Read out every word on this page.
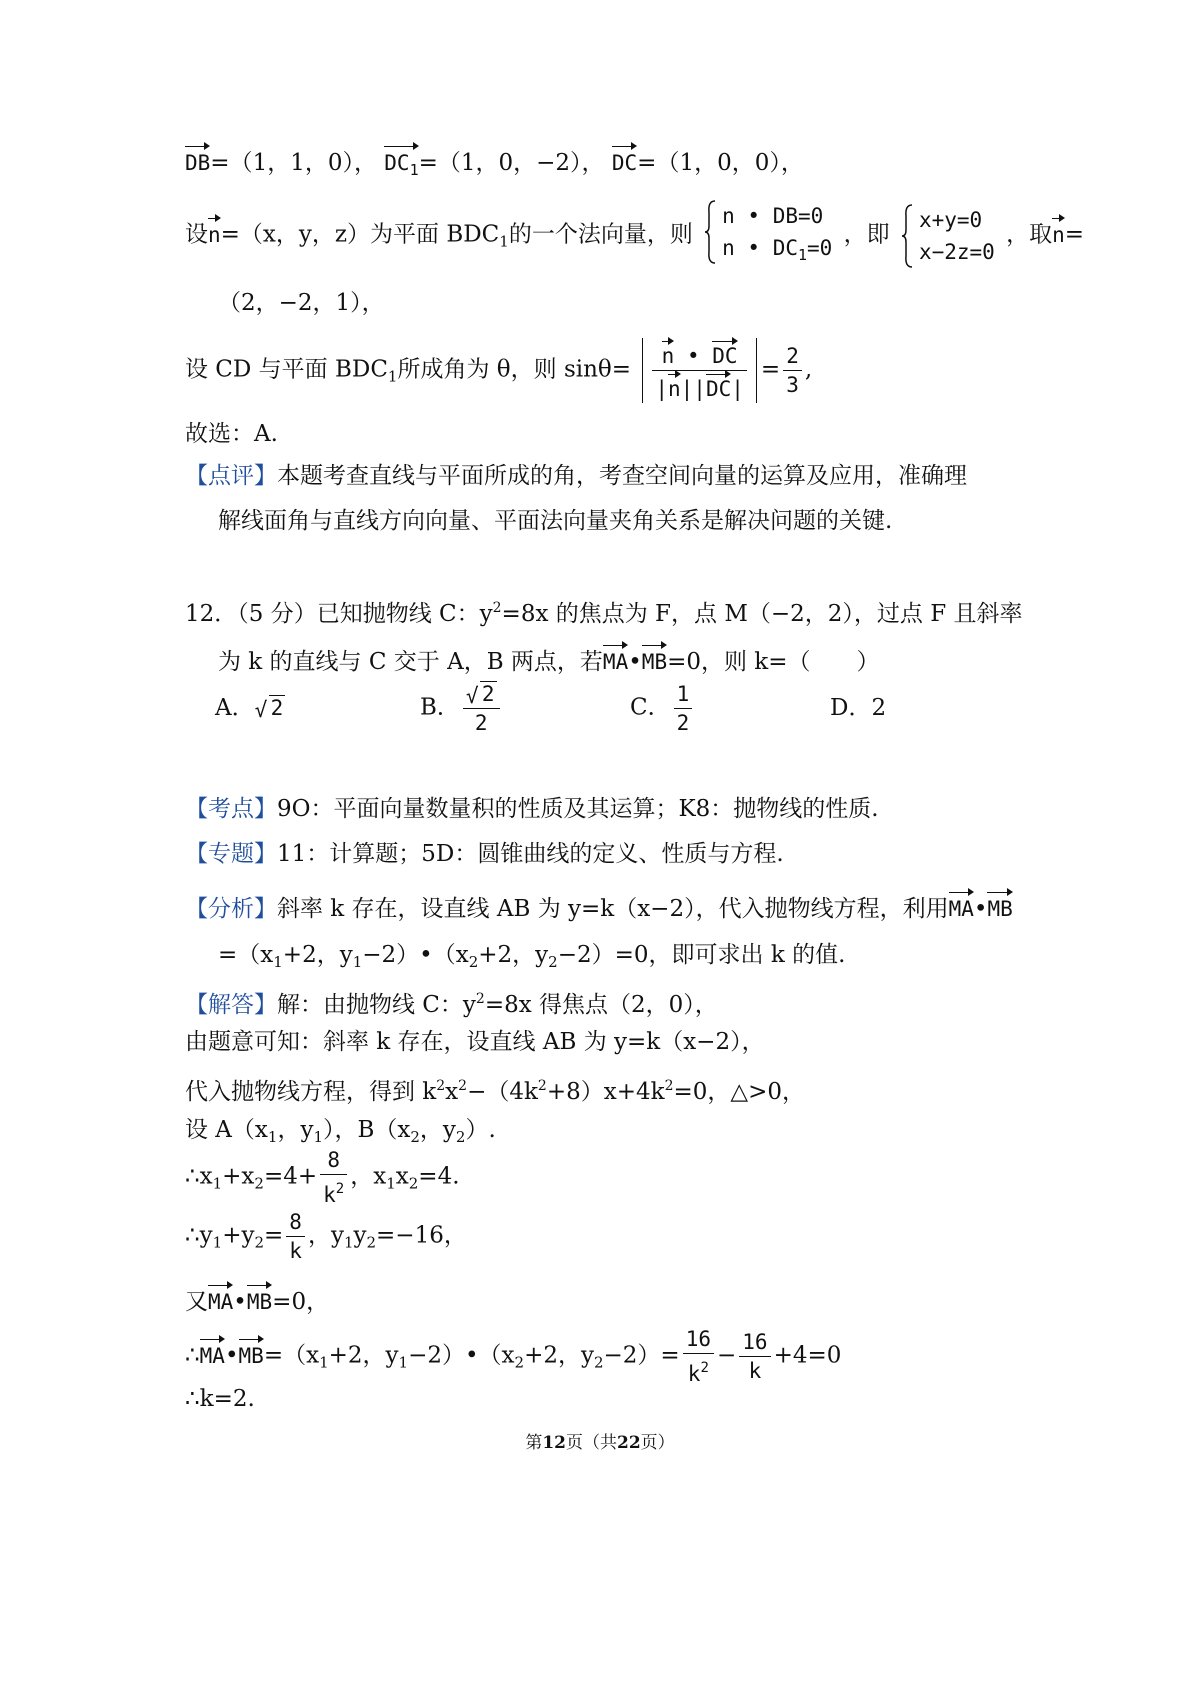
DB=（1，1，0）， $DC_1=(1$，0，−2）， DC=（1，0，0），
设n=（x，y，z）为平面 $BDC_1$的一个法向量，则
n • DB=0
n • $DC_1=0$
，即
x+y=0
x−2z=0
，取n=
（2，−2，1），
设 CD 与平面 $BDC_1$所成角为 θ，则 $\sin\theta= \frac{n • DC}{|n||DC|} = \frac{2}{3}$ ,
故选：A.
【点评】本题考查直线与平面所成的角，考查空间向量的运算及应用，准确理
解线面角与直线方向向量、平面法向量夹角关系是解决问题的关键.
12．（5 分）已知抛物线 C：$y^2=8x$ 的焦点为 F，点 M（−2，2），过点 F 且斜率
为 k 的直线与 C 交于 A，B 两点，若MA•MB=0，则 k=（　　）
A． √ 2	B． $\frac{√ 2}{2}$	C． $\frac{1}{2}$	D．2
【考点】9O：平面向量数量积的性质及其运算；K8：抛物线的性质.
【专题】11：计算题；5D：圆锥曲线的定义、性质与方程.
【分析】斜率 k 存在，设直线 AB 为 y=k（x−2），代入抛物线方程，利用MA•MB
$=(x_1+2$，$y_1-2)•(x_2+2$，$y_2-2)=0$，即可求出 k 的值.
【解答】解：由抛物线 C：$y^2=8x$ 得焦点（2，0），
由题意可知：斜率 k 存在，设直线 AB 为 y=k（x−2），
代入抛物线方程，得到 $k^2x^2-(4k^2+8)x+4k^2=0$，△>0，
设 $A(x_1$，$y_1$），$B(x_2$，$y_2$）.
$\therefore x_1+x_2=4+ \frac{8}{k^2}$ ，$x_1x_2=4$.
$\therefore y_1+y_2= \frac{8}{k}$ ，$y_1y_2=-16$，
又MA•MB=0，
$\therefore MA•MB=(x_1+2$，$y_1-2)•(x_2+2$，$y_2-2)= \frac{16}{k^2} - \frac{16}{k} +4=0$
∴k=2.
第12页（共22页）
